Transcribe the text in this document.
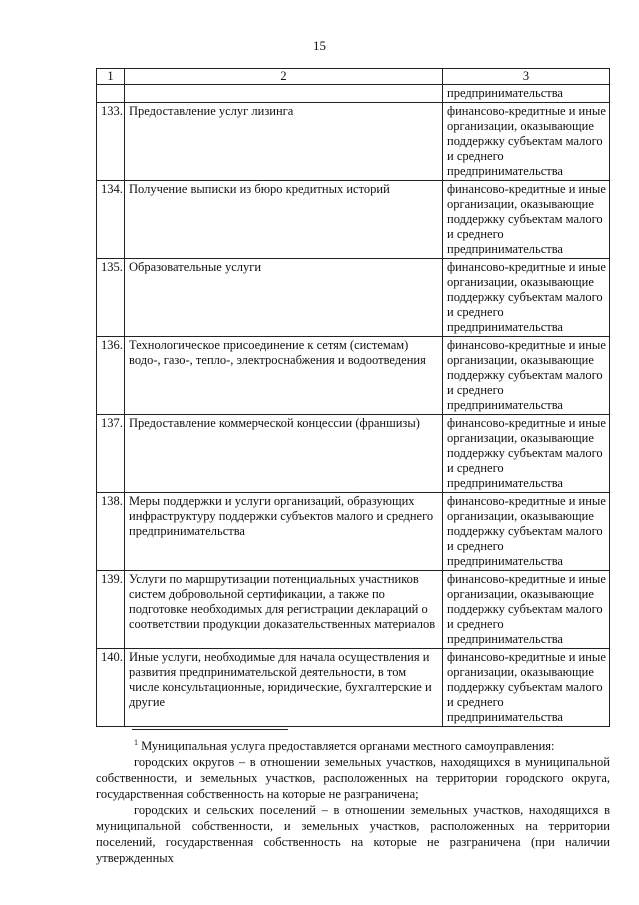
15
1	2	3
		предпринимательства
133.	Предоставление услуг лизинга	финансово-кредитные и иные организации, оказывающие поддержку субъектам малого и среднего предпринимательства
134.	Получение выписки из бюро кредитных историй	финансово-кредитные и иные организации, оказывающие поддержку субъектам малого и среднего предпринимательства
135.	Образовательные услуги	финансово-кредитные и иные организации, оказывающие поддержку субъектам малого и среднего предпринимательства
136.	Технологическое присоединение к сетям (системам) водо-, газо-, тепло-, электроснабжения и водоотведения	финансово-кредитные и иные организации, оказывающие поддержку субъектам малого и среднего предпринимательства
137.	Предоставление коммерческой концессии (франшизы)	финансово-кредитные и иные организации, оказывающие поддержку субъектам малого и среднего предпринимательства
138.	Меры поддержки и услуги организаций, образующих инфраструктуру поддержки субъектов малого и среднего предпринимательства	финансово-кредитные и иные организации, оказывающие поддержку субъектам малого и среднего предпринимательства
139.	Услуги по маршрутизации потенциальных участников систем добровольной сертификации, а также по подготовке необходимых для регистрации деклараций о соответствии продукции доказательственных материалов	финансово-кредитные и иные организации, оказывающие поддержку субъектам малого и среднего предпринимательства
140.	Иные услуги, необходимые для начала осуществления и развития предпринимательской деятельности, в том числе консультационные, юридические, бухгалтерские и другие	финансово-кредитные и иные организации, оказывающие поддержку субъектам малого и среднего предпринимательства

$^1$ Муниципальная услуга предоставляется органами местного самоуправления:

городских округов – в отношении земельных участков, находящихся в муниципальной собственности, и земельных участков, расположенных на территории городского округа, государственная собственность на которые не разграничена;

городских и сельских поселений – в отношении земельных участков, находящихся в муниципальной собственности, и земельных участков, расположенных на территории поселений, государственная собственность на которые не разграничена (при наличии утвержденных
